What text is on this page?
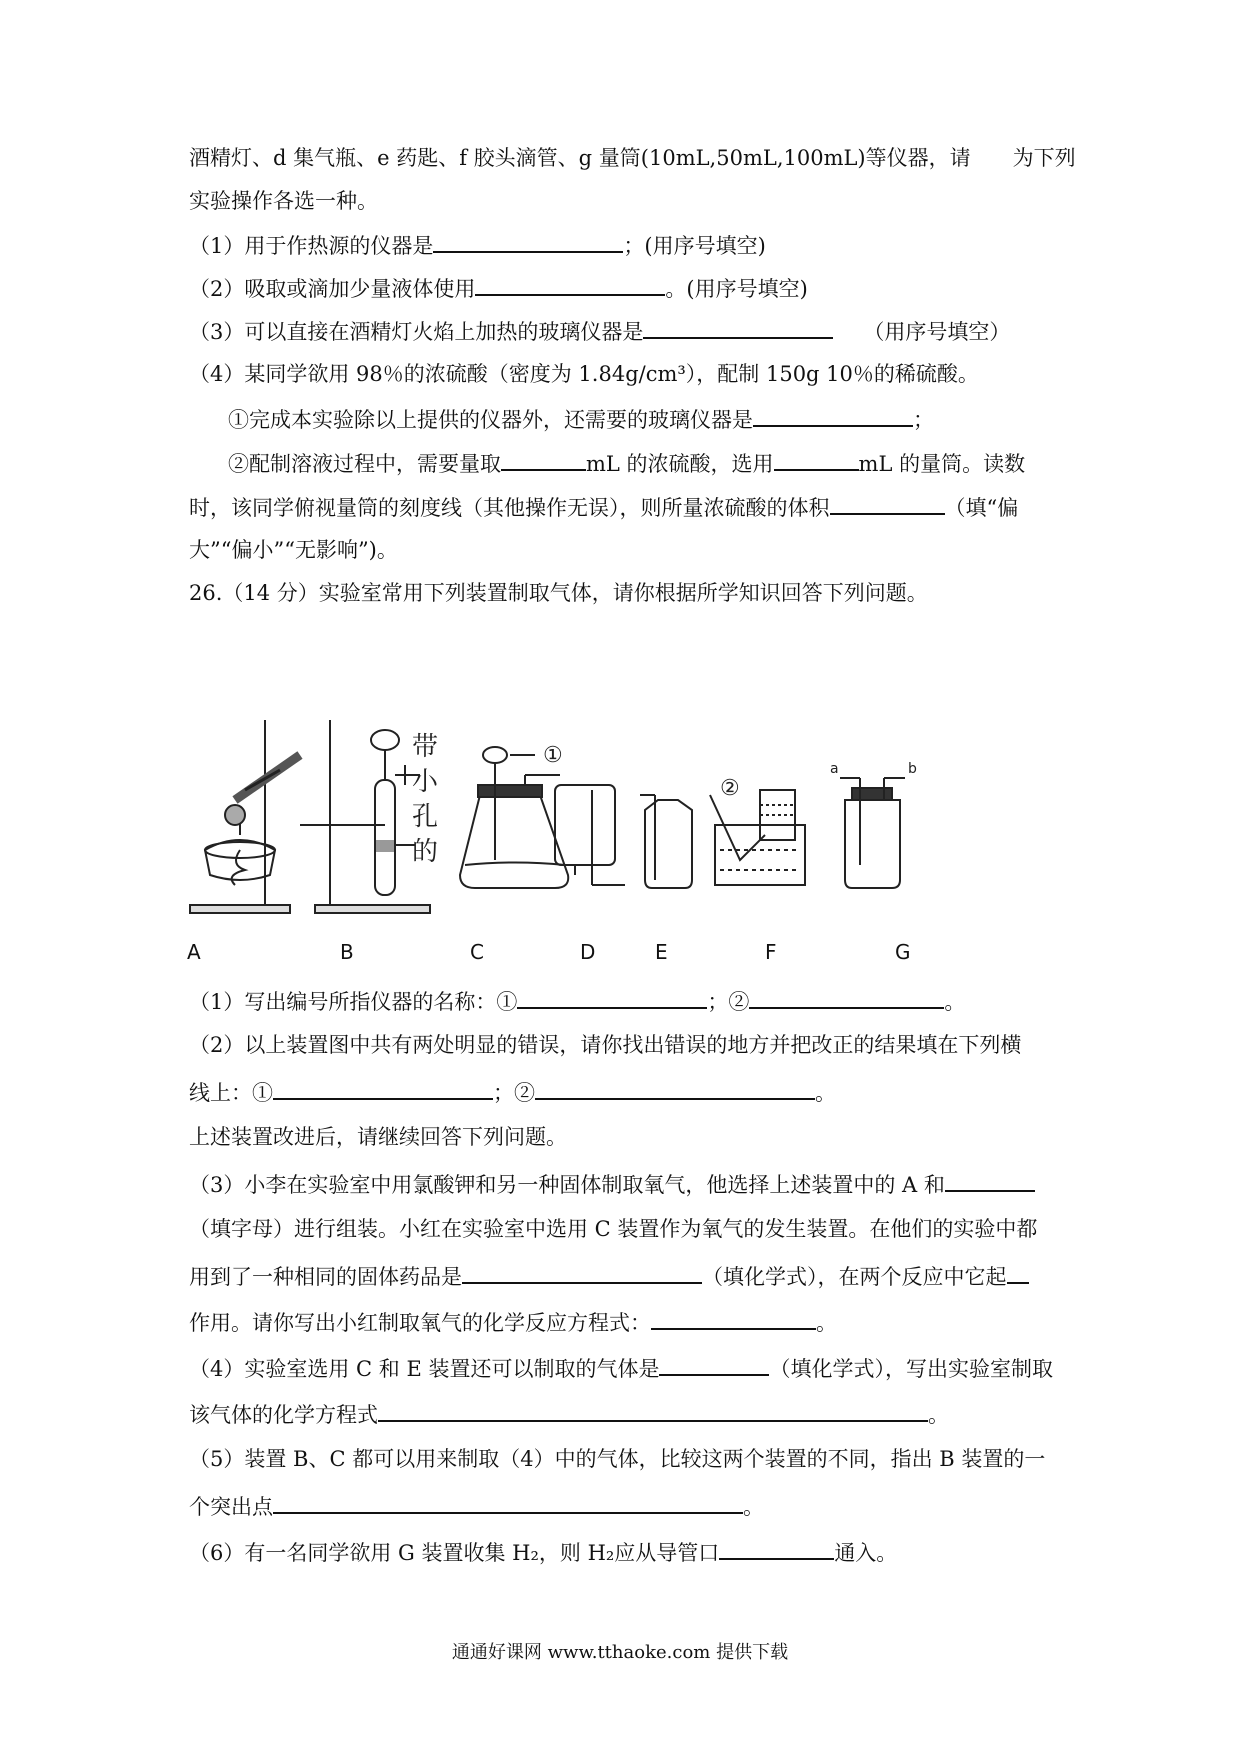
酒精灯、d 集气瓶、e 药匙、f 胶头滴管、g 量筒(10mL,50mL,100mL)等仪器，请　　为下列
实验操作各选一种。
（1）用于作热源的仪器是	；(用序号填空)
（2）吸取或滴加少量液体使用	。(用序号填空)
（3）可以直接在酒精灯火焰上加热的玻璃仪器是	（用序号填空）
（4）某同学欲用 98％的浓硫酸（密度为 1.84g/cm³），配制 150g 10％的稀硫酸。
①完成本实验除以上提供的仪器外，还需要的玻璃仪器是	；
②配制溶液过程中，需要量取	mL 的浓硫酸，选用	mL 的量筒。读数
时，该同学俯视量筒的刻度线（其他操作无误），则所量浓硫酸的体积	（填“偏
大”“偏小”“无影响”)。
26.（14 分）实验室常用下列装置制取气体，请你根据所学知识回答下列问题。
带
小
孔
的
①
②
a	b
A	B	C	D	E	F	G
（1）写出编号所指仪器的名称：①	；②	。
（2）以上装置图中共有两处明显的错误，请你找出错误的地方并把改正的结果填在下列横
线上：①	；②	。
上述装置改进后，请继续回答下列问题。
（3）小李在实验室中用氯酸钾和另一种固体制取氧气，他选择上述装置中的 A 和
（填字母）进行组装。小红在实验室中选用 C 装置作为氧气的发生装置。在他们的实验中都
用到了一种相同的固体药品是	（填化学式），在两个反应中它起
作用。请你写出小红制取氧气的化学反应方程式：	。
（4）实验室选用 C 和 E 装置还可以制取的气体是	（填化学式），写出实验室制取
该气体的化学方程式	。
（5）装置 B、C 都可以用来制取（4）中的气体，比较这两个装置的不同，指出 B 装置的一
个突出点	。
（6）有一名同学欲用 G 装置收集 H₂，则 H₂应从导管口	通入。
通通好课网 www.tthaoke.com 提供下载
